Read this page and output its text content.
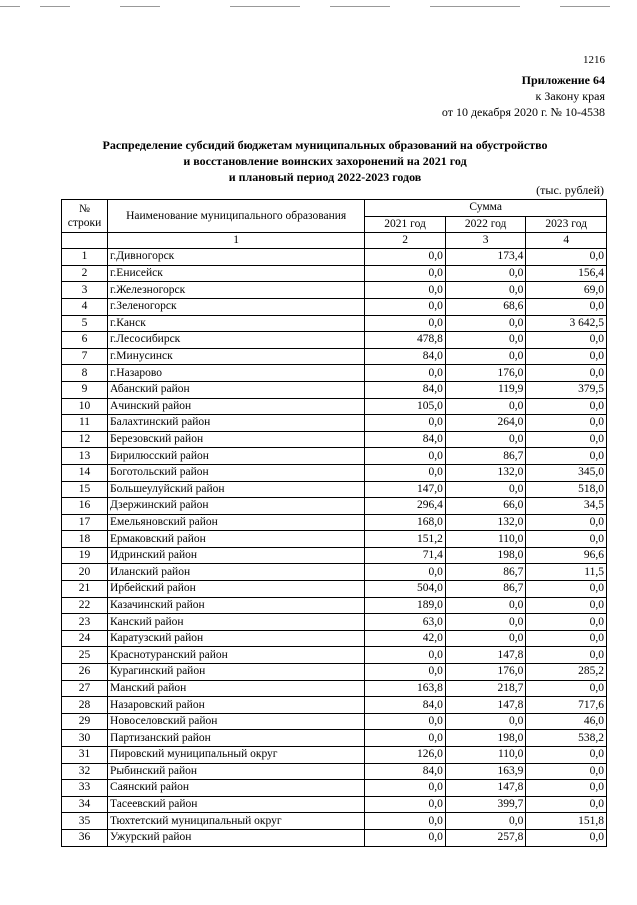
1216
Приложение 64
к Закону края
от 10 декабря 2020 г. № 10-4538
Распределение субсидий бюджетам муниципальных образований на обустройство
и восстановление воинских захоронений на 2021 год
и плановый период 2022-2023 годов
(тыс. рублей)
№ строки	Наименование муниципального образования	Сумма		
		2021 год	2022 год	2023 год
	1	2	3	4
1	г.Дивногорск	0,0	173,4	0,0
2	г.Енисейск	0,0	0,0	156,4
3	г.Железногорск	0,0	0,0	69,0
4	г.Зеленогорск	0,0	68,6	0,0
5	г.Канск	0,0	0,0	3 642,5
6	г.Лесосибирск	478,8	0,0	0,0
7	г.Минусинск	84,0	0,0	0,0
8	г.Назарово	0,0	176,0	0,0
9	Абанский район	84,0	119,9	379,5
10	Ачинский район	105,0	0,0	0,0
11	Балахтинский район	0,0	264,0	0,0
12	Березовский район	84,0	0,0	0,0
13	Бирилюсский район	0,0	86,7	0,0
14	Боготольский район	0,0	132,0	345,0
15	Большеулуйский район	147,0	0,0	518,0
16	Дзержинский район	296,4	66,0	34,5
17	Емельяновский район	168,0	132,0	0,0
18	Ермаковский район	151,2	110,0	0,0
19	Идринский район	71,4	198,0	96,6
20	Иланский район	0,0	86,7	11,5
21	Ирбейский район	504,0	86,7	0,0
22	Казачинский район	189,0	0,0	0,0
23	Канский район	63,0	0,0	0,0
24	Каратузский район	42,0	0,0	0,0
25	Краснотуранский район	0,0	147,8	0,0
26	Курагинский район	0,0	176,0	285,2
27	Манский район	163,8	218,7	0,0
28	Назаровский район	84,0	147,8	717,6
29	Новоселовский район	0,0	0,0	46,0
30	Партизанский район	0,0	198,0	538,2
31	Пировский муниципальный округ	126,0	110,0	0,0
32	Рыбинский район	84,0	163,9	0,0
33	Саянский район	0,0	147,8	0,0
34	Тасеевский район	0,0	399,7	0,0
35	Тюхтетский муниципальный округ	0,0	0,0	151,8
36	Ужурский район	0,0	257,8	0,0
